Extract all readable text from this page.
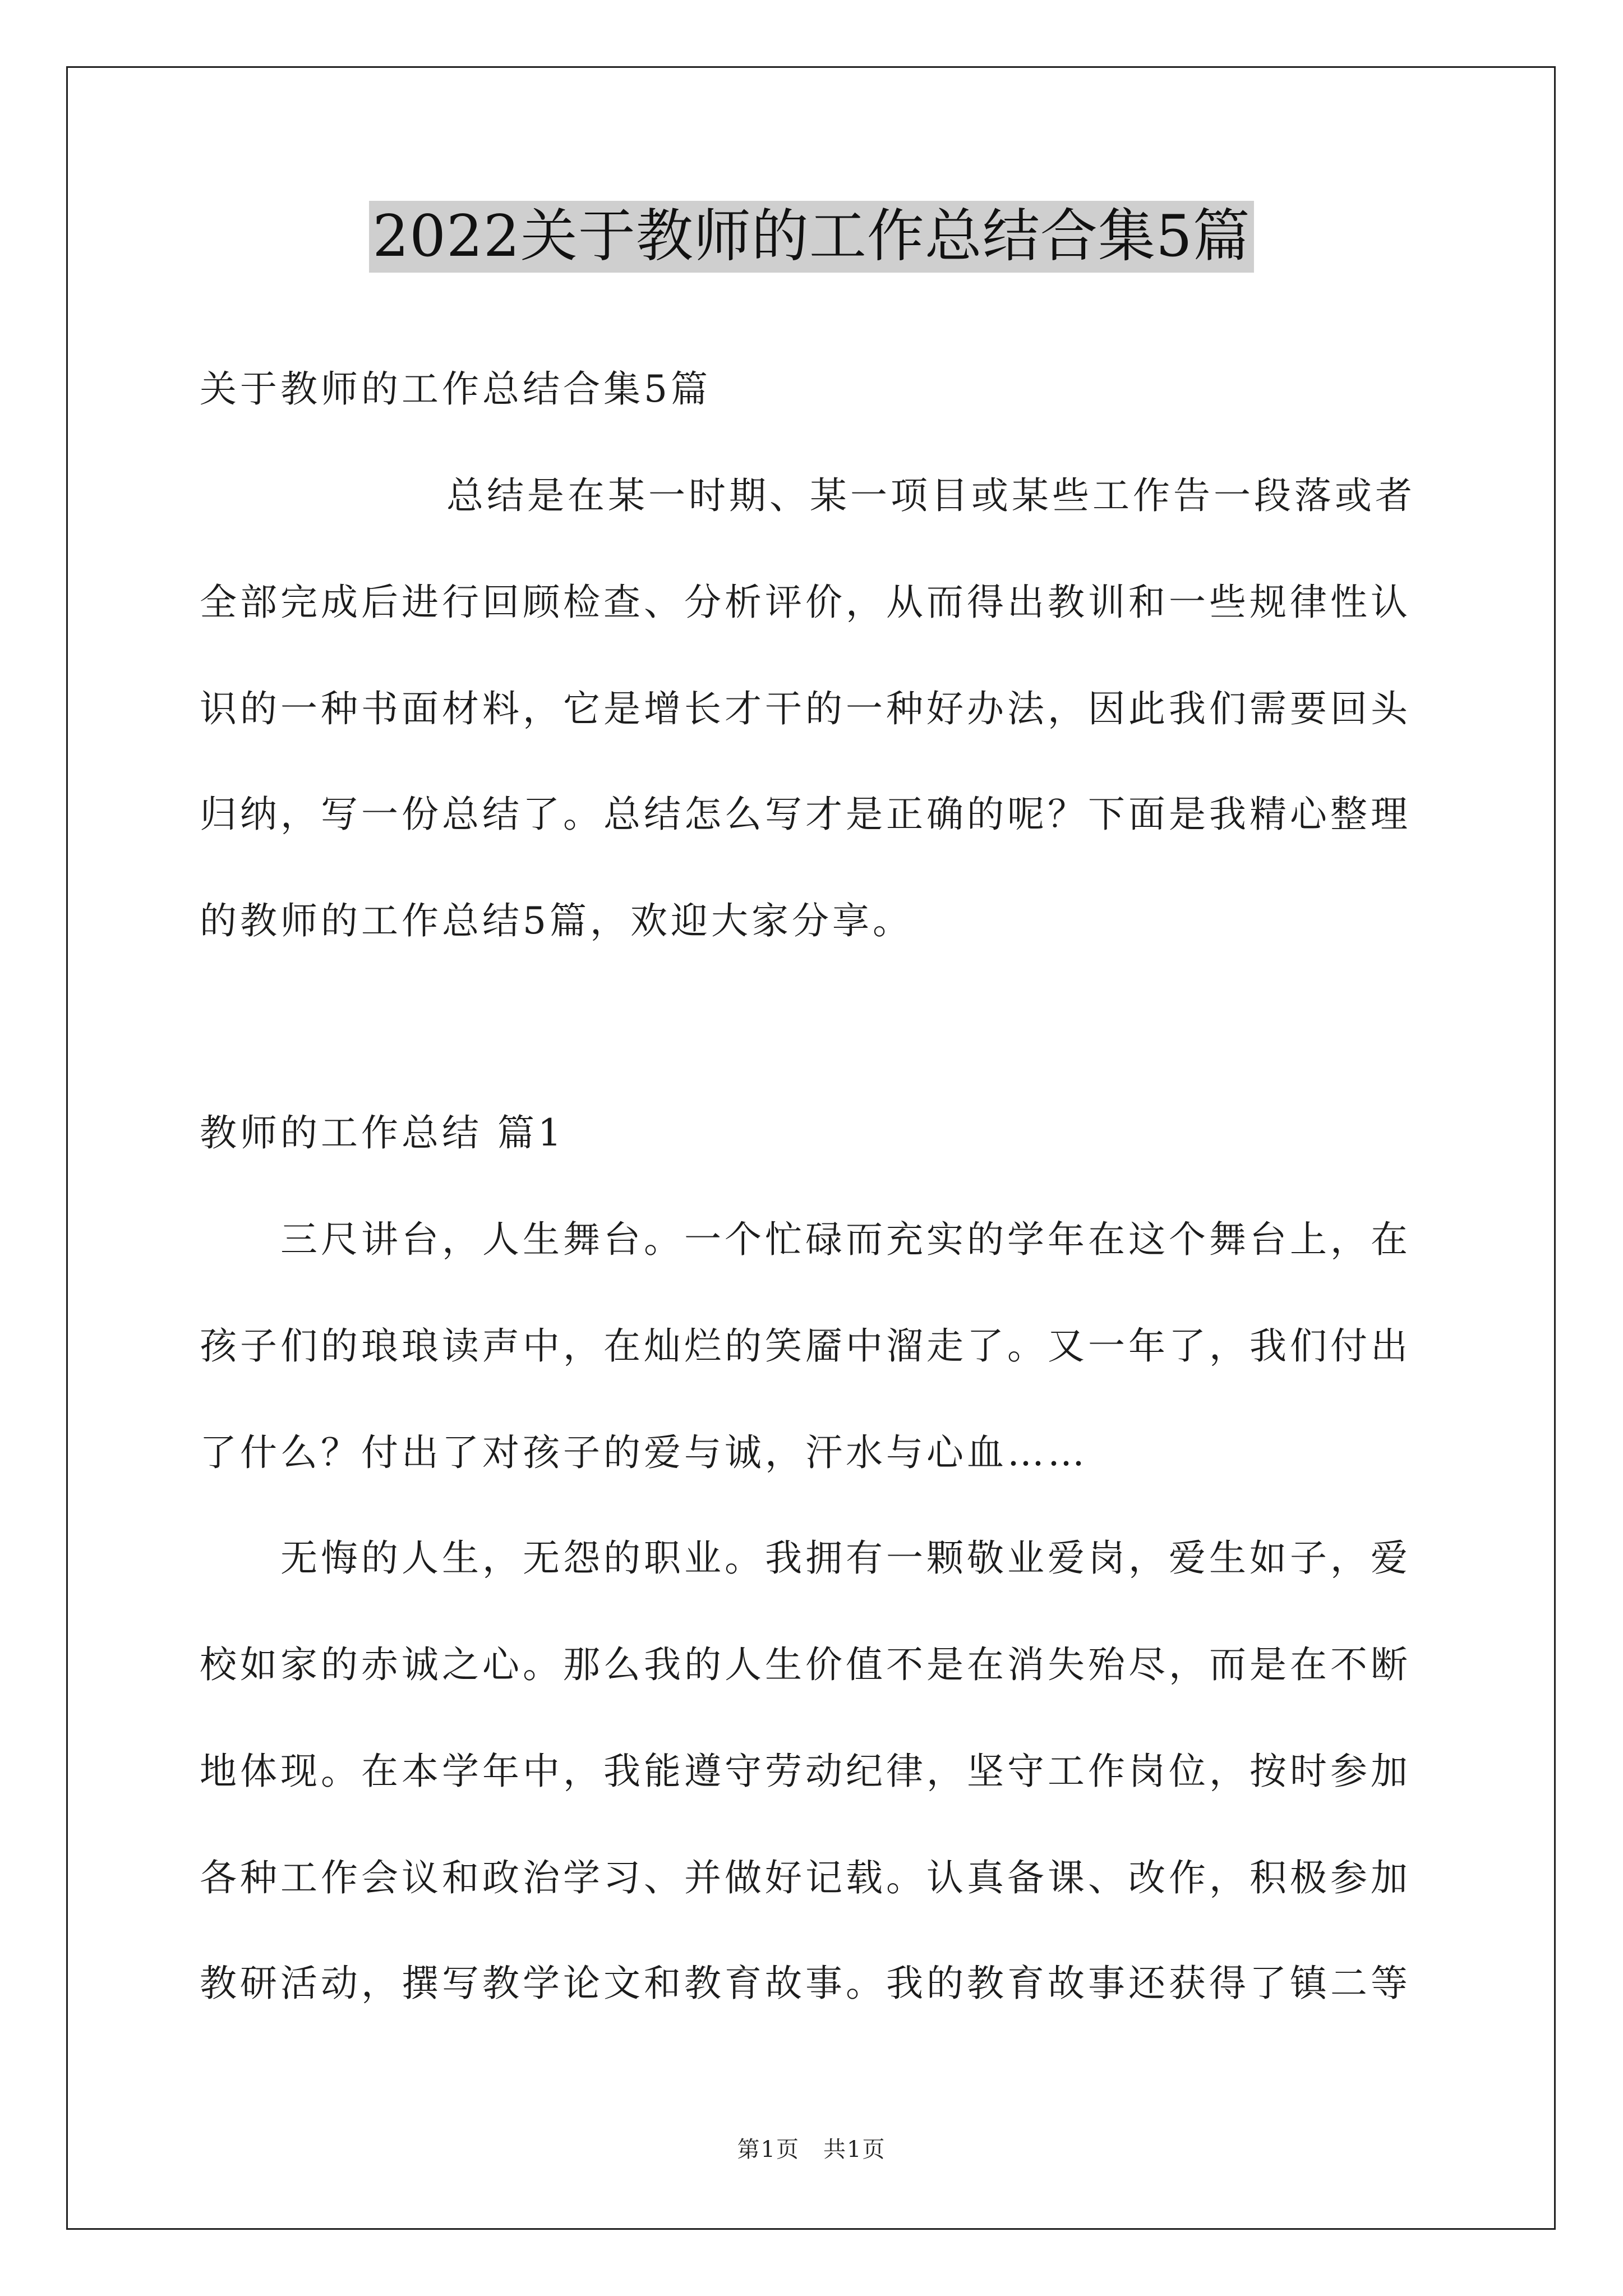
2022关于教师的工作总结合集5篇
关于教师的工作总结合集5篇
总结是在某一时期、某一项目或某些工作告一段落或者
全部完成后进行回顾检查、分析评价，从而得出教训和一些规律性认
识的一种书面材料，它是增长才干的一种好办法，因此我们需要回头
归纳，写一份总结了。总结怎么写才是正确的呢？下面是我精心整理
的教师的工作总结5篇，欢迎大家分享。
教师的工作总结 篇1
三尺讲台，人生舞台。一个忙碌而充实的学年在这个舞台上，在
孩子们的琅琅读声中，在灿烂的笑靥中溜走了。又一年了，我们付出
了什么？付出了对孩子的爱与诚，汗水与心血……
无悔的人生，无怨的职业。我拥有一颗敬业爱岗，爱生如子，爱
校如家的赤诚之心。那么我的人生价值不是在消失殆尽，而是在不断
地体现。在本学年中，我能遵守劳动纪律，坚守工作岗位，按时参加
各种工作会议和政治学习、并做好记载。认真备课、改作，积极参加
教研活动，撰写教学论文和教育故事。我的教育故事还获得了镇二等
第1页　共1页
